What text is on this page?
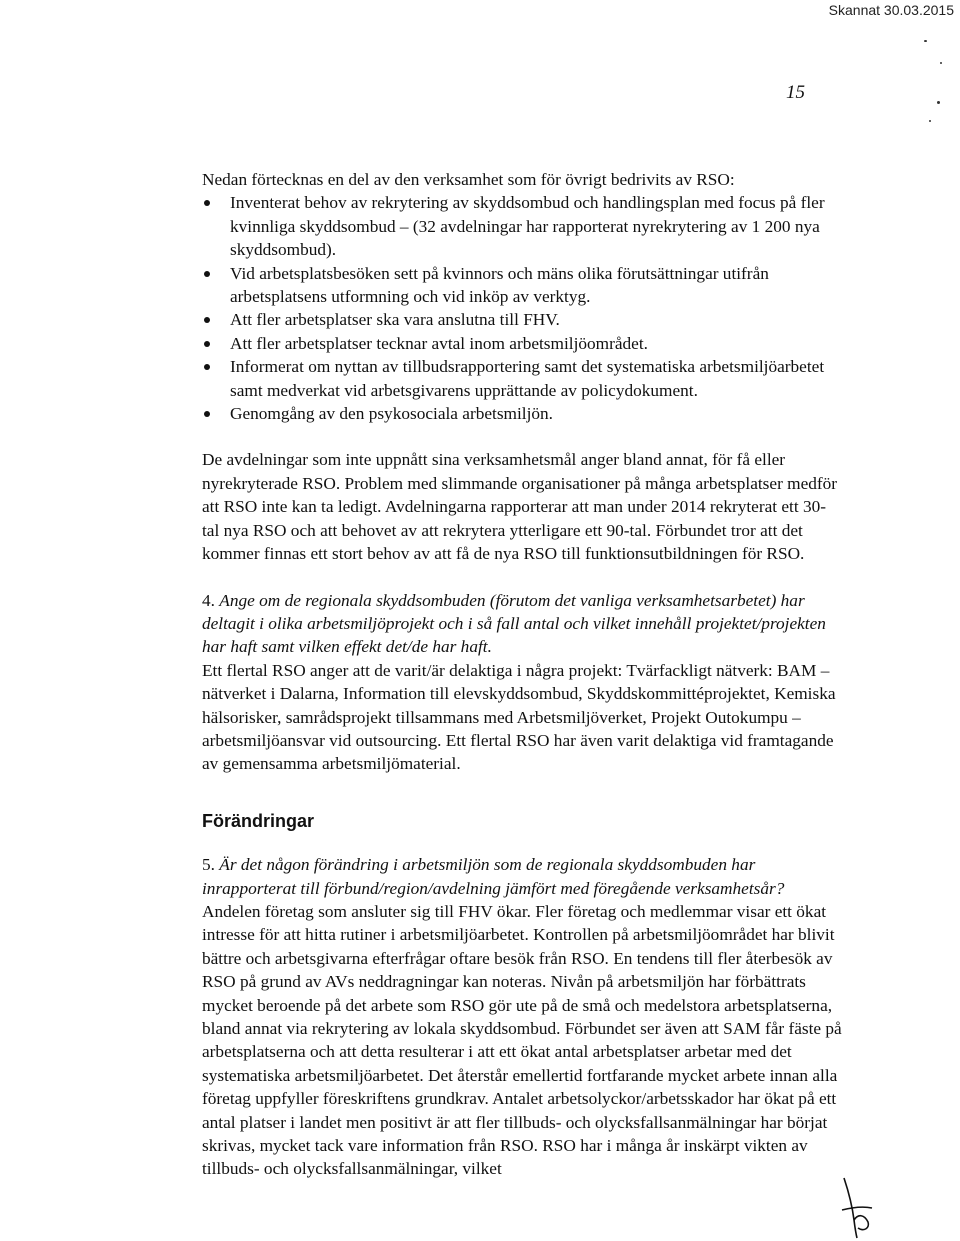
Skannat 30.03.2015
15

Nedan förtecknas en del av den verksamhet som för övrigt bedrivits av RSO:

Inventerat behov av rekrytering av skyddsombud och handlingsplan med focus på fler kvinnliga skyddsombud – (32 avdelningar har rapporterat nyrekrytering av 1 200 nya skyddsombud).
Vid arbetsplatsbesöken sett på kvinnors och mäns olika förutsättningar utifrån arbetsplatsens utformning och vid inköp av verktyg.
Att fler arbetsplatser ska vara anslutna till FHV.
Att fler arbetsplatser tecknar avtal inom arbetsmiljöområdet.
Informerat om nyttan av tillbudsrapportering samt det systematiska arbetsmiljöarbetet samt medverkat vid arbetsgivarens upprättande av policydokument.
Genomgång av den psykosociala arbetsmiljön.

De avdelningar som inte uppnått sina verksamhetsmål anger bland annat, för få eller nyrekryterade RSO. Problem med slimmande organisationer på många arbetsplatser medför att RSO inte kan ta ledigt. Avdelningarna rapporterar att man under 2014 rekryterat ett 30-tal nya RSO och att behovet av att rekrytera ytterligare ett 90-tal. Förbundet tror att det kommer finnas ett stort behov av att få de nya RSO till funktionsutbildningen för RSO.

4. Ange om de regionala skyddsombuden (förutom det vanliga verksamhetsarbetet) har deltagit i olika arbetsmiljöprojekt och i så fall antal och vilket innehåll projektet/projekten har haft samt vilken effekt det/de har haft.

Ett flertal RSO anger att de varit/är delaktiga i några projekt: Tvärfackligt nätverk: BAM – nätverket i Dalarna, Information till elevskyddsombud, Skyddskommittéprojektet, Kemiska hälsorisker, samrådsprojekt tillsammans med Arbetsmiljöverket, Projekt Outokumpu – arbetsmiljöansvar vid outsourcing. Ett flertal RSO har även varit delaktiga vid framtagande av gemensamma arbetsmiljömaterial.

Förändringar

5. Är det någon förändring i arbetsmiljön som de regionala skyddsombuden har inrapporterat till förbund/region/avdelning jämfört med föregående verksamhetsår?

Andelen företag som ansluter sig till FHV ökar. Fler företag och medlemmar visar ett ökat intresse för att hitta rutiner i arbetsmiljöarbetet. Kontrollen på arbetsmiljöområdet har blivit bättre och arbetsgivarna efterfrågar oftare besök från RSO. En tendens till fler återbesök av RSO på grund av AVs neddragningar kan noteras. Nivån på arbetsmiljön har förbättrats mycket beroende på det arbete som RSO gör ute på de små och medelstora arbetsplatserna, bland annat via rekrytering av lokala skyddsombud. Förbundet ser även att SAM får fäste på arbetsplatserna och att detta resulterar i att ett ökat antal arbetsplatser arbetar med det systematiska arbetsmiljöarbetet. Det återstår emellertid fortfarande mycket arbete innan alla företag uppfyller föreskriftens grundkrav. Antalet arbetsolyckor/arbetsskador har ökat på ett antal platser i landet men positivt är att fler tillbuds- och olycksfallsanmälningar har börjat skrivas, mycket tack vare information från RSO. RSO har i många år inskärpt vikten av tillbuds- och olycksfallsanmälningar, vilket
